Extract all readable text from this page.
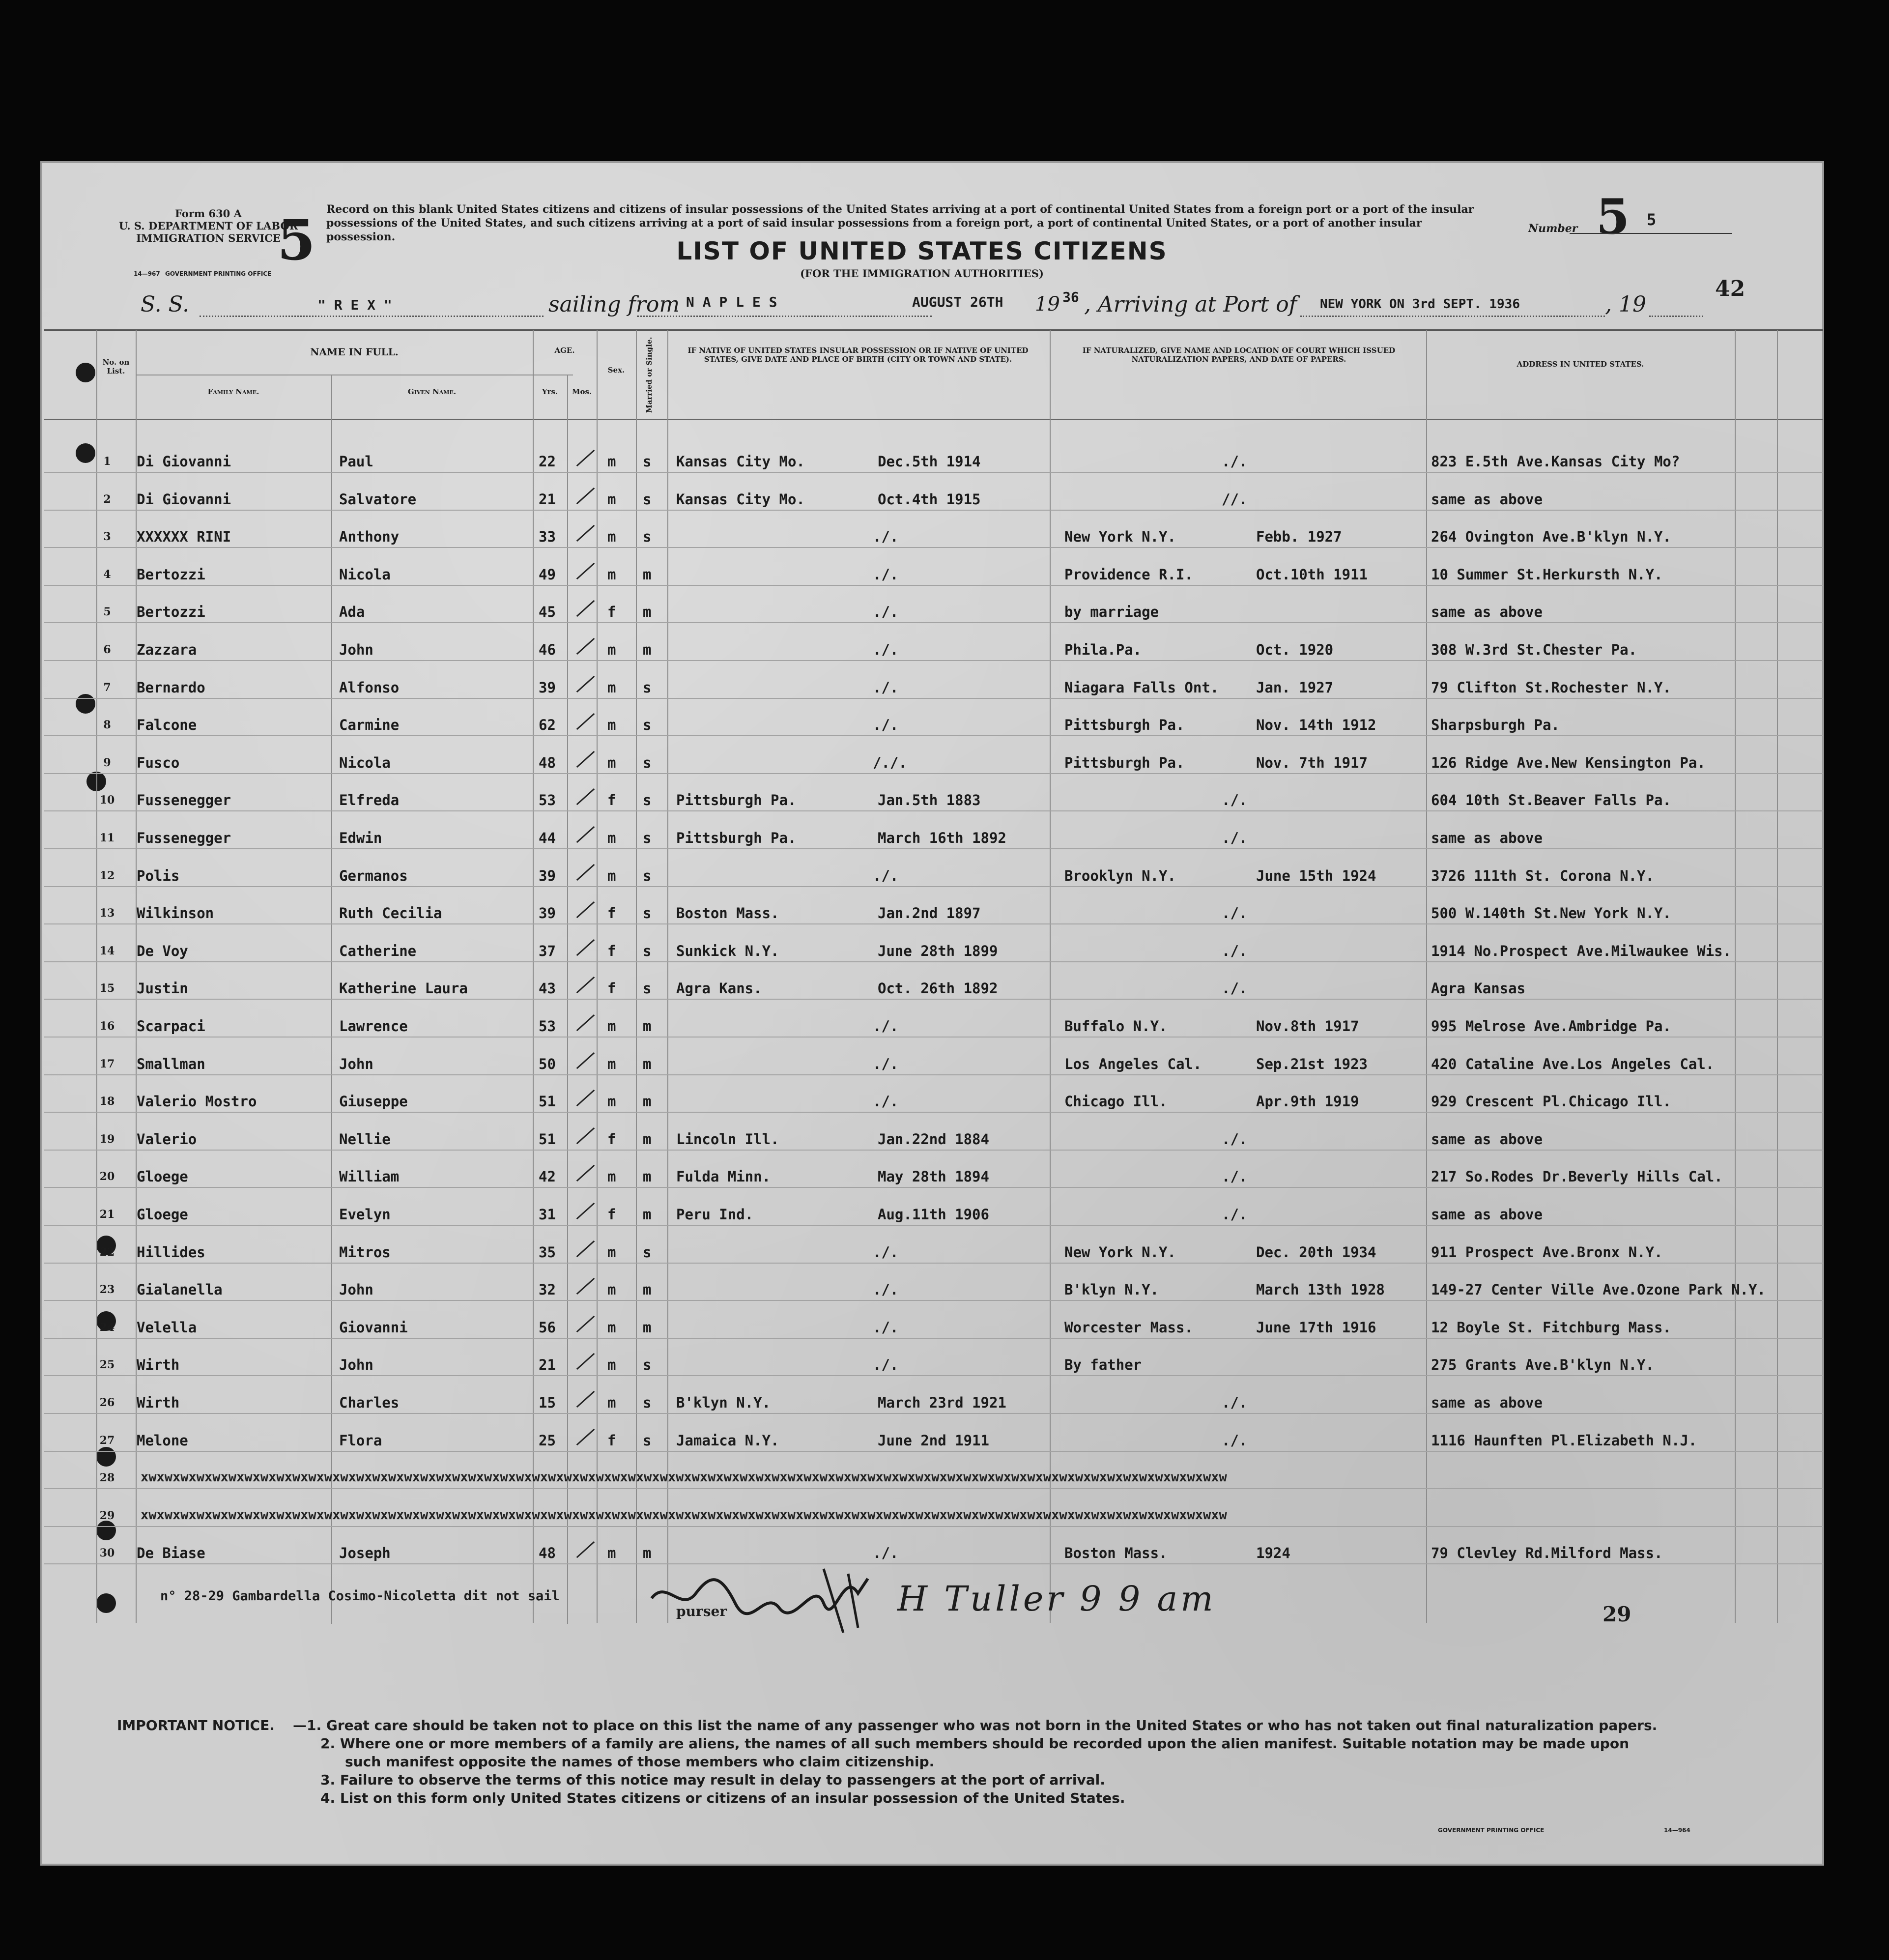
Form 630 A
U. S. DEPARTMENT OF LABOR
IMMIGRATION SERVICE
14—967 GOVERNMENT PRINTING OFFICE
5 Record on this blank United States citizens and citizens of insular possessions of the United States arriving at a port of continental United States from a foreign port or a port of the insular possessions of the United States, and such citizens arriving at a port of said insular possessions from a foreign port, a port of continental United States, or a port of another insular possession.	LIST OF UNITED STATES CITIZENS
(FOR THE IMMIGRATION AUTHORITIES)
Number 5 5
42
S. S.	" R E X "	sailing from N A P L E S	AUGUST 26TH 19 36 , Arriving at Port of NEW YORK ON 3rd SEPT. 1936	, 19
No. on List.
NAME IN FULL.
Family Name.	Given Name.
AGE.
Yrs.	Mos.
Sex.	Married or Single.	IF NATIVE OF UNITED STATES INSULAR POSSESSION OR IF NATIVE OF UNITED STATES, GIVE DATE AND PLACE OF BIRTH (CITY OR TOWN AND STATE).
IF NATURALIZED, GIVE NAME AND LOCATION OF COURT WHICH ISSUED NATURALIZATION PAPERS, AND DATE OF PAPERS.
ADDRESS IN UNITED STATES.
1	Di Giovanni	Paul	22	m s Kansas City Mo.	Dec.5th 1914	./.	823 E.5th Ave.Kansas City Mo?
2	Di Giovanni	Salvatore	21	m s Kansas City Mo.	Oct.4th 1915	//.	same as above
3	XXXXXX RINI	Anthony	33	m s	./.	New York N.Y.	Febb. 1927	264 Ovington Ave.B'klyn N.Y.
4	Bertozzi	Nicola	49	m m	./.	Providence R.I.	Oct.10th 1911	10 Summer St.Herkursth N.Y.
5	Bertozzi	Ada	45	f m	./.	by marriage	same as above
6	Zazzara	John	46	m m	./.	Phila.Pa.	Oct. 1920	308 W.3rd St.Chester Pa.
7	Bernardo	Alfonso	39	m s	./.	Niagara Falls Ont.	Jan. 1927	79 Clifton St.Rochester N.Y.
8	Falcone	Carmine	62	m s	./.	Pittsburgh Pa.	Nov. 14th 1912	Sharpsburgh Pa.
9	Fusco	Nicola	48	m s	/./.	Pittsburgh Pa.	Nov. 7th 1917	126 Ridge Ave.New Kensington Pa.
10 Fussenegger	Elfreda	53	f s Pittsburgh Pa.	Jan.5th 1883	./.	604 10th St.Beaver Falls Pa.
11 Fussenegger	Edwin	44	m s Pittsburgh Pa.	March 16th 1892	./.	same as above
12 Polis	Germanos	39	m s	./.	Brooklyn N.Y.	June 15th 1924	3726 111th St. Corona N.Y.
13 Wilkinson	Ruth Cecilia	39	f s Boston Mass.	Jan.2nd 1897	./.	500 W.140th St.New York N.Y.
14 De Voy	Catherine	37	f s Sunkick N.Y.	June 28th 1899	./.	1914 No.Prospect Ave.Milwaukee Wis.
15 Justin	Katherine Laura	43	f s Agra Kans.	Oct. 26th 1892	./.	Agra Kansas
16 Scarpaci	Lawrence	53	m m	./.	Buffalo N.Y.	Nov.8th 1917	995 Melrose Ave.Ambridge Pa.
17 Smallman	John	50	m m	./.	Los Angeles Cal.	Sep.21st 1923	420 Cataline Ave.Los Angeles Cal.
18 Valerio Mostro	Giuseppe	51	m m	./.	Chicago Ill.	Apr.9th 1919	929 Crescent Pl.Chicago Ill.
19 Valerio	Nellie	51	f m Lincoln Ill.	Jan.22nd 1884	./.	same as above
20 Gloege	William	42	m m Fulda Minn.	May 28th 1894	./.	217 So.Rodes Dr.Beverly Hills Cal.
21 Gloege	Evelyn	31	f m Peru Ind.	Aug.11th 1906	./.	same as above
22 Hillides	Mitros	35	m s	./.	New York N.Y.	Dec. 20th 1934	911 Prospect Ave.Bronx N.Y.
23 Gialanella	John	32	m m	./.	B'klyn N.Y.	March 13th 1928	149-27 Center Ville Ave.Ozone Park N.Y.
24 Velella	Giovanni	56	m m	./.	Worcester Mass.	June 17th 1916	12 Boyle St. Fitchburg Mass.
25 Wirth	John	21	m s	./.	By father	275 Grants Ave.B'klyn N.Y.
26 Wirth	Charles	15	m s B'klyn N.Y.	March 23rd 1921	./.	same as above
27 Melone	Flora	25	f s Jamaica N.Y.	June 2nd 1911	./.	1116 Haunften Pl.Elizabeth N.J.
28 xwxwxwxwxwxwxwxwxwxwxwxwxwxwxwxwxwxwxwxwxwxwxwxwxwxwxwxwxwxwxwxwxwxwxwxwxwxwxwxwxwxwxwxwxwxwxwxwxwxwxwxwxwxwxwxwxwxwxwxwxwxwxwxwxwxwxwxw
29 xwxwxwxwxwxwxwxwxwxwxwxwxwxwxwxwxwxwxwxwxwxwxwxwxwxwxwxwxwxwxwxwxwxwxwxwxwxwxwxwxwxwxwxwxwxwxwxwxwxwxwxwxwxwxwxwxwxwxwxwxwxwxwxwxwxwxwxw
30 De Biase	Joseph	48	m m	./.	Boston Mass.	1924	79 Clevley Rd.Milford Mass.
n° 28-29 Gambardella Cosimo-Nicoletta dit not sail
purser	H Tuller 9 9 am	29
IMPORTANT NOTICE. —1. Great care should be taken not to place on this list the name of any passenger who was not born in the United States or who has not taken out final naturalization papers.
2. Where one or more members of a family are aliens, the names of all such members should be recorded upon the alien manifest. Suitable notation may be made upon
such manifest opposite the names of those members who claim citizenship.
3. Failure to observe the terms of this notice may result in delay to passengers at the port of arrival.
4. List on this form only United States citizens or citizens of an insular possession of the United States.
GOVERNMENT PRINTING OFFICE	14—964
